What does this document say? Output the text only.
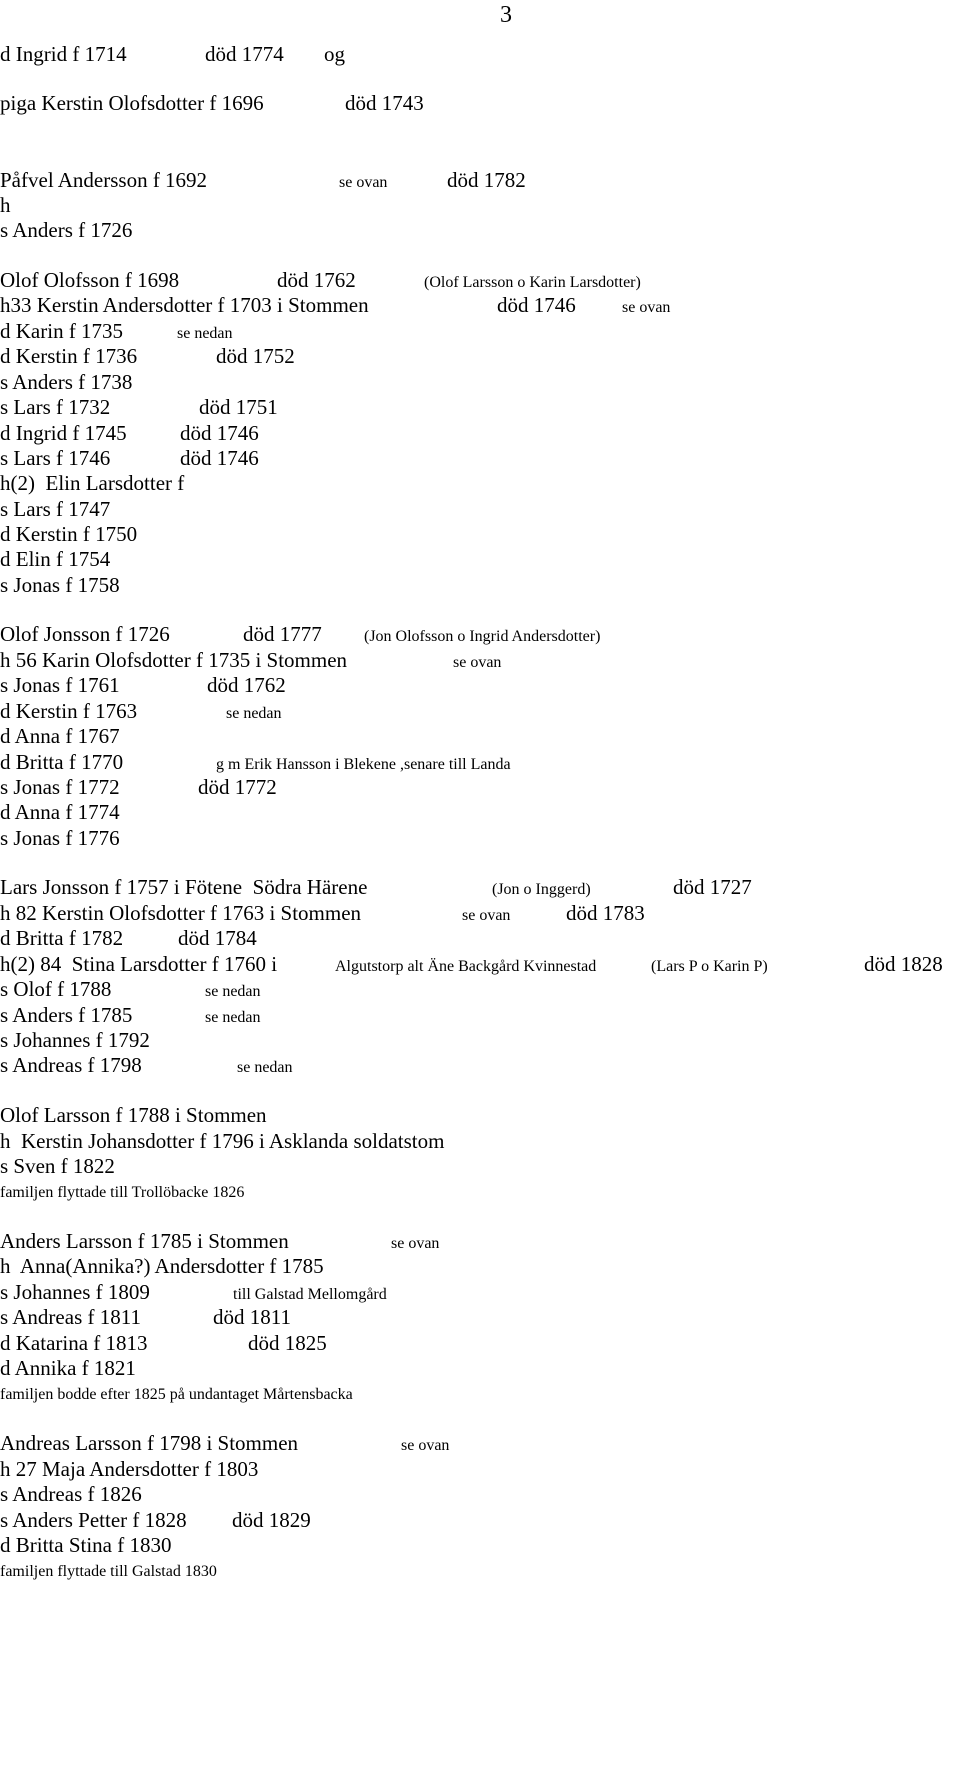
3
d Ingrid f 1714	död 1774 og
piga Kerstin Olofsdotter f 1696	död 1743
Påfvel Andersson f 1692	se ovan	död 1782
h
s Anders f 1726
Olof Olofsson f 1698	död 1762	(Olof Larsson o Karin Larsdotter)
h33 Kerstin Andersdotter f 1703 i Stommen	död 1746	se ovan
d Karin f 1735	se nedan
d Kerstin f 1736	död 1752
s Anders f 1738
s Lars f 1732	död 1751
d Ingrid f 1745	död 1746
s Lars f 1746	död 1746
h(2)  Elin Larsdotter f
s Lars f 1747
d Kerstin f 1750
d Elin f 1754
s Jonas f 1758
Olof Jonsson f 1726	död 1777	(Jon Olofsson o Ingrid Andersdotter)
h 56 Karin Olofsdotter f 1735 i Stommen	se ovan
s Jonas f 1761	död 1762
d Kerstin f 1763	se nedan
d Anna f 1767
d Britta f 1770	g m Erik Hansson i Blekene ,senare till Landa
s Jonas f 1772	död 1772
d Anna f 1774
s Jonas f 1776
Lars Jonsson f 1757 i Fötene  Södra Härene	(Jon o Inggerd)	död 1727
h 82 Kerstin Olofsdotter f 1763 i Stommen	se ovan	död 1783
d Britta f 1782	död 1784
h(2) 84  Stina Larsdotter f 1760 i	Algutstorp alt Äne Backgård Kvinnestad	(Lars P o Karin P)	död 1828
s Olof f 1788	se nedan
s Anders f 1785	se nedan
s Johannes f 1792
s Andreas f 1798	se nedan
Olof Larsson f 1788 i Stommen
h  Kerstin Johansdotter f 1796 i Asklanda soldatstom
s Sven f 1822
familjen flyttade till Trollöbacke 1826
Anders Larsson f 1785 i Stommen	se ovan
h  Anna(Annika?) Andersdotter f 1785
s Johannes f 1809	till Galstad Mellomgård
s Andreas f 1811	död 1811
d Katarina f 1813	död 1825
d Annika f 1821
familjen bodde efter 1825 på undantaget Mårtensbacka
Andreas Larsson f 1798 i Stommen	se ovan
h 27 Maja Andersdotter f 1803
s Andreas f 1826
s Anders Petter f 1828 död 1829
d Britta Stina f 1830
familjen flyttade till Galstad 1830
